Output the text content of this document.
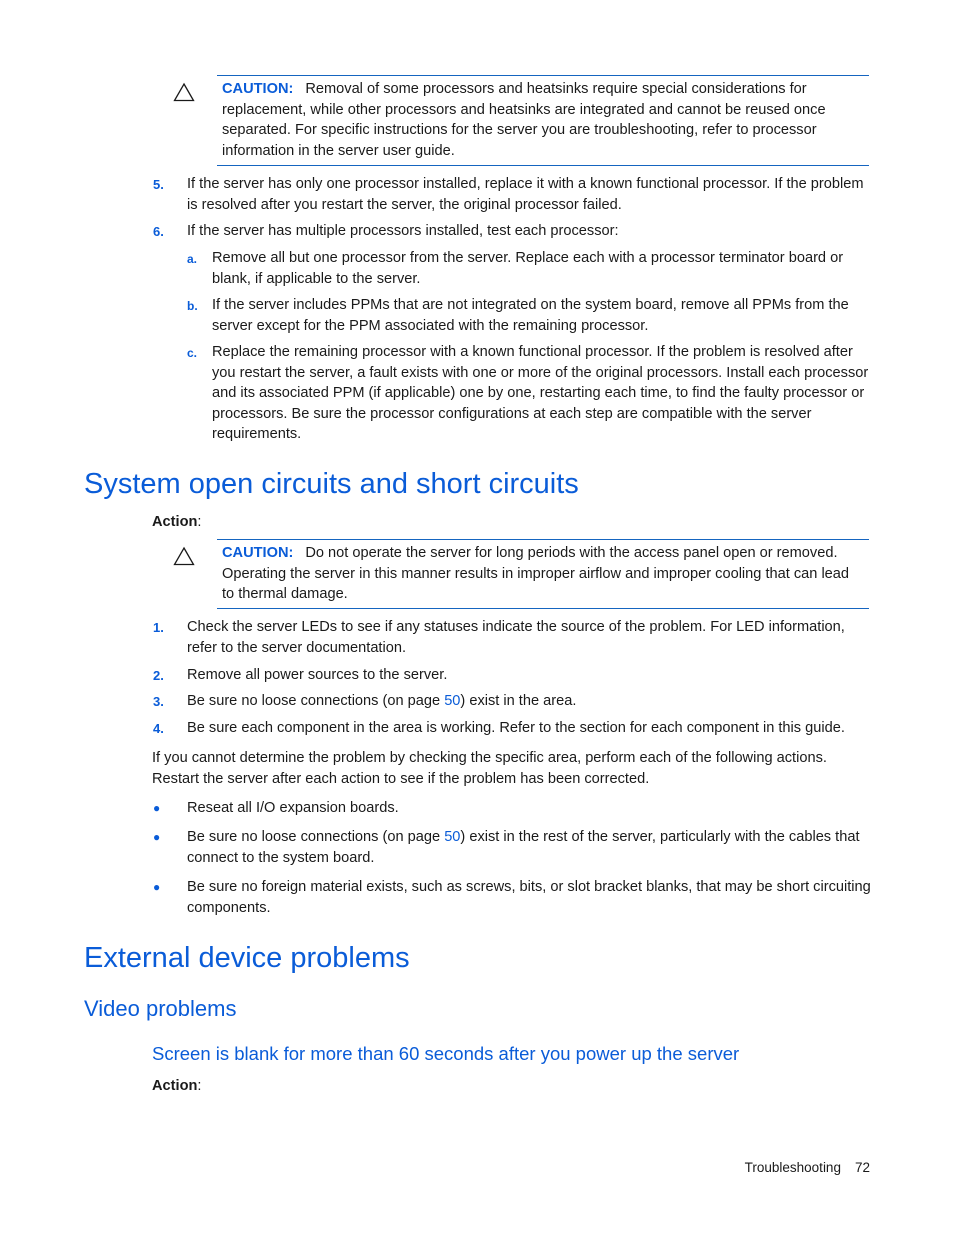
CAUTION: Removal of some processors and heatsinks require special considerations for replacement, while other processors and heatsinks are integrated and cannot be reused once separated. For specific instructions for the server you are troubleshooting, refer to processor information in the server user guide.
5. If the server has only one processor installed, replace it with a known functional processor. If the problem is resolved after you restart the server, the original processor failed.
6. If the server has multiple processors installed, test each processor:
a. Remove all but one processor from the server. Replace each with a processor terminator board or blank, if applicable to the server.
b. If the server includes PPMs that are not integrated on the system board, remove all PPMs from the server except for the PPM associated with the remaining processor.
c. Replace the remaining processor with a known functional processor. If the problem is resolved after you restart the server, a fault exists with one or more of the original processors. Install each processor and its associated PPM (if applicable) one by one, restarting each time, to find the faulty processor or processors. Be sure the processor configurations at each step are compatible with the server requirements.
System open circuits and short circuits
Action:
CAUTION: Do not operate the server for long periods with the access panel open or removed. Operating the server in this manner results in improper airflow and improper cooling that can lead to thermal damage.
1. Check the server LEDs to see if any statuses indicate the source of the problem. For LED information, refer to the server documentation.
2. Remove all power sources to the server.
3. Be sure no loose connections (on page 50) exist in the area.
4. Be sure each component in the area is working. Refer to the section for each component in this guide.
If you cannot determine the problem by checking the specific area, perform each of the following actions. Restart the server after each action to see if the problem has been corrected.
● Reseat all I/O expansion boards.
● Be sure no loose connections (on page 50) exist in the rest of the server, particularly with the cables that connect to the system board.
● Be sure no foreign material exists, such as screws, bits, or slot bracket blanks, that may be short circuiting components.
External device problems
Video problems
Screen is blank for more than 60 seconds after you power up the server
Action:
Troubleshooting 72
